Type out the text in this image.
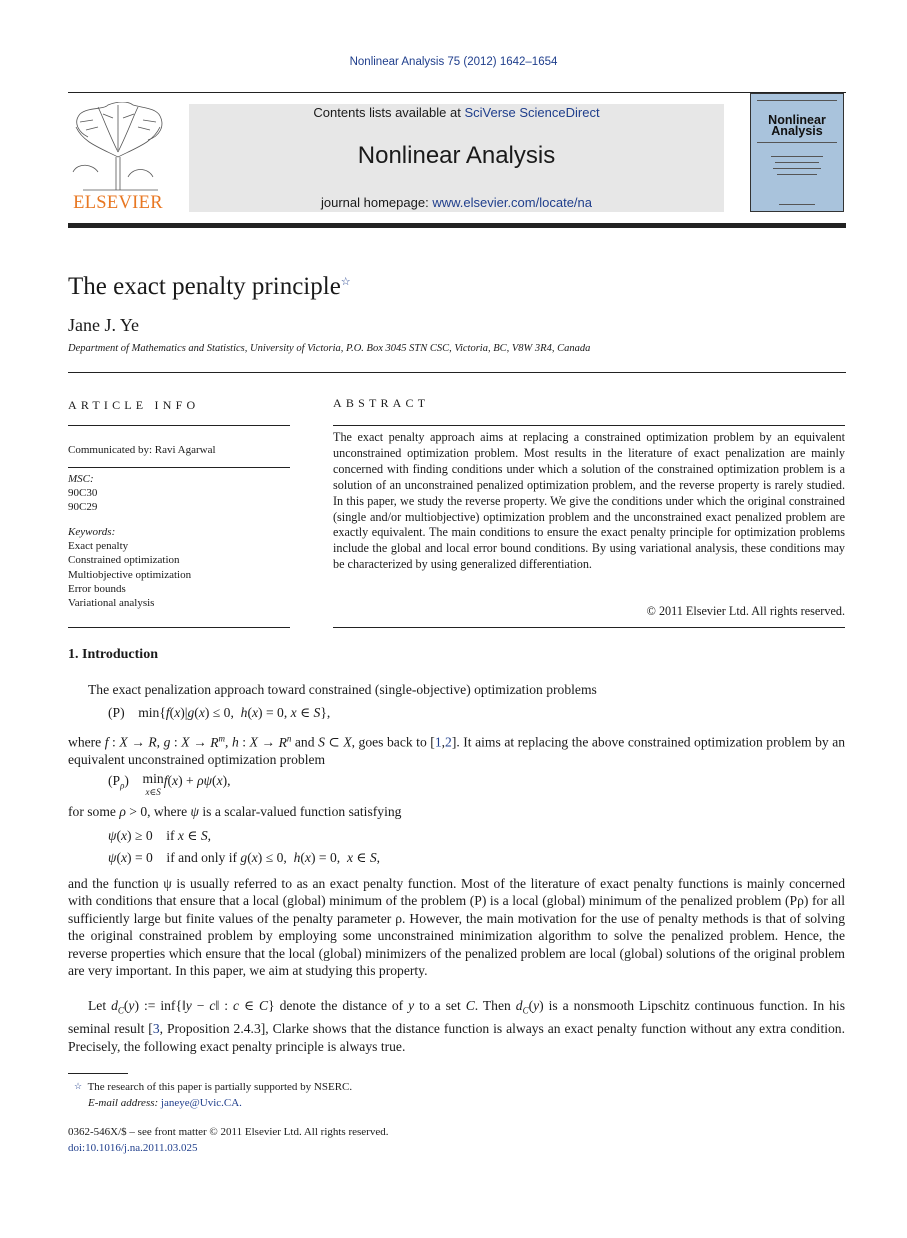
Nonlinear Analysis 75 (2012) 1642–1654
ELSEVIER
Contents lists available at SciVerse ScienceDirect
Nonlinear Analysis
journal homepage: www.elsevier.com/locate/na
Nonlinear
Analysis
The exact penalty principle☆
Jane J. Ye
Department of Mathematics and Statistics, University of Victoria, P.O. Box 3045 STN CSC, Victoria, BC, V8W 3R4, Canada
ARTICLE INFO
Communicated by: Ravi Agarwal
MSC:
90C30
90C29
Keywords:
Exact penalty
Constrained optimization
Multiobjective optimization
Error bounds
Variational analysis
ABSTRACT
The exact penalty approach aims at replacing a constrained optimization problem by an equivalent unconstrained optimization problem. Most results in the literature of exact penalization are mainly concerned with finding conditions under which a solution of the constrained optimization problem is a solution of an unconstrained penalized optimization problem, and the reverse property is rarely studied. In this paper, we study the reverse property. We give the conditions under which the original constrained (single and/or multiobjective) optimization problem and the unconstrained exact penalized problem are exactly equivalent. The main conditions to ensure the exact penalty principle for optimization problems include the global and local error bound conditions. By using variational analysis, these conditions may be characterized by using generalized differentiation.
© 2011 Elsevier Ltd. All rights reserved.
1. Introduction
The exact penalization approach toward constrained (single-objective) optimization problems
(P)    min{f(x)|g(x) ≤ 0,  h(x) = 0, x ∈ S},
where f : X → R, g : $X \to R^m$, h : $X \to R^n$ and S ⊂ X, goes back to [1,2]. It aims at replacing the above constrained optimization problem by an equivalent unconstrained optimization problem
$(P_\rho)$    min
x∈Sf(x) + ρψ(x),
for some ρ > 0, where ψ is a scalar-valued function satisfying
ψ(x) ≥ 0    if x ∈ S,
ψ(x) = 0    if and only if g(x) ≤ 0,  h(x) = 0,  x ∈ S,
and the function ψ is usually referred to as an exact penalty function. Most of the literature of exact penalty functions is mainly concerned with conditions that ensure that a local (global) minimum of the problem (P) is a local (global) minimum of the penalized problem (Pρ) for all sufficiently large but finite values of the penalty parameter ρ. However, the main motivation for the use of penalty methods is that of solving the original constrained problem by employing some unconstrained minimization algorithm to solve the penalized problem. Hence, the reverse properties which ensure that the local (global) minimizers of the penalized problem are local (global) solutions of the original problem are very important. In this paper, we aim at studying this property.
Let $d_C(y)$ := inf{‖y − c‖ : c ∈ C} denote the distance of y to a set C. Then $d_C(y)$ is a nonsmooth Lipschitz continuous function. In his seminal result [3, Proposition 2.4.3], Clarke shows that the distance function is always an exact penalty function without any extra condition. Precisely, the following exact penalty principle is always true.
☆ The research of this paper is partially supported by NSERC.
E-mail address: janeye@Uvic.CA.
0362-546X/$ – see front matter © 2011 Elsevier Ltd. All rights reserved.
doi:10.1016/j.na.2011.03.025
